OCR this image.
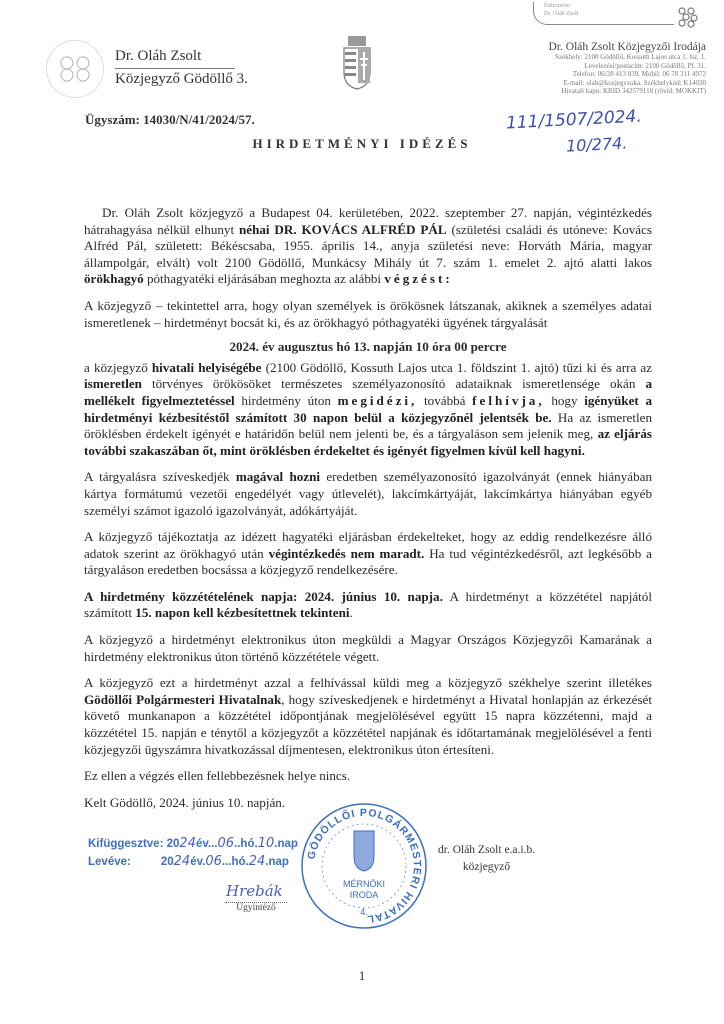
Érkeztetve:
Dr. Oláh Zsolt
Dr. Oláh Zsolt
Közjegyző Gödöllő 3.
Dr. Oláh Zsolt Közjegyzői Irodája
Székhely: 2100 Gödöllő, Kossuth Lajos utca 1. fsz. 1.
Levelezési/postacím: 2100 Gödöllő, Pf. 31.
Telefon: 06/28 413 039, Mobil: 06 70 311 4972
E-mail: olah@kozjegyzoka, Székhelykód: K14030
Hivatali kapu: KRID 342579118 (rövid: MOKKIT)
Ügyszám: 14030/N/41/2024/57.	111/1507/2024.
10/274.
HIRDETMÉNYI IDÉZÉS

Dr. Oláh Zsolt közjegyző a Budapest 04. kerületében, 2022. szeptember 27. napján, végintézkedés hátrahagyása nélkül elhunyt néhai DR. KOVÁCS ALFRÉD PÁL (születési családi és utóneve: Kovács Alfréd Pál, született: Békéscsaba, 1955. április 14., anyja születési neve: Horváth Mária, magyar állampolgár, elvált) volt 2100 Gödöllő, Munkácsy Mihály út 7. szám 1. emelet 2. ajtó alatti lakos örökhagyó póthagyatéki eljárásában meghozta az alábbi végzést:

A közjegyző – tekintettel arra, hogy olyan személyek is örökösnek látszanak, akiknek a személyes adatai ismeretlenek – hirdetményt bocsát ki, és az örökhagyó póthagyatéki ügyének tárgyalását

2024. év augusztus hó 13. napján 10 óra 00 percre

a közjegyző hivatali helyiségébe (2100 Gödöllő, Kossuth Lajos utca 1. földszint 1. ajtó) tűzi ki és arra az ismeretlen törvényes örökösöket természetes személyazonosító adataiknak ismeretlensége okán a mellékelt figyelmeztetéssel hirdetmény úton megidézi, továbbá felhívja, hogy igényüket a hirdetményi kézbesítéstől számított 30 napon belül a közjegyzőnél jelentsék be. Ha az ismeretlen öröklésben érdekelt igényét e határidőn belül nem jelenti be, és a tárgyaláson sem jelenik meg, az eljárás további szakaszában őt, mint öröklésben érdekeltet és igényét figyelmen kívül kell hagyni.

A tárgyalásra szíveskedjék magával hozni eredetben személyazonosító igazolványát (ennek hiányában kártya formátumú vezetői engedélyét vagy útlevelét), lakcímkártyáját, lakcímkártya hiányában egyéb személyi számot igazoló igazolványát, adókártyáját.

A közjegyző tájékoztatja az idézett hagyatéki eljárásban érdekelteket, hogy az eddig rendelkezésre álló adatok szerint az örökhagyó után végintézkedés nem maradt. Ha tud végintézkedésről, azt legkésőbb a tárgyaláson eredetben bocsássa a közjegyző rendelkezésére.

A hirdetmény közzétételének napja: 2024. június 10. napja. A hirdetményt a közzététel napjától számított 15. napon kell kézbesítettnek tekinteni.

A közjegyző a hirdetményt elektronikus úton megküldi a Magyar Országos Közjegyzői Kamarának a hirdetmény elektronikus úton történő közzététele végett.

A közjegyző ezt a hirdetményt azzal a felhívással küldi meg a közjegyző székhelye szerint illetékes Gödöllői Polgármesteri Hivatalnak, hogy szíveskedjenek e hirdetményt a Hivatal honlapján az érkezését követő munkanapon a közzététel időpontjának megjelölésével együtt 15 napra közzétenni, majd a közzététel 15. napján e ténytől a közjegyzőt a közzététel napjának és időtartamának megjelölésével a fenti közjegyzői ügyszámra hivatkozással díjmentesen, elektronikus úton értesíteni.

Ez ellen a végzés ellen fellebbezésnek helye nincs.

Kelt Gödöllő, 2024. június 10. napján.

Kifüggesztve: 2024év...06..hó.10.nap
Levéve:	2024év.06...hó.24.nap
Hrebák
Ügyintéző
GÖDÖLLŐI POLGÁRMESTERI HIVATAL
MÉRNÖKI
IRODA
4.
dr. Oláh Zsolt e.a.i.b.
közjegyző
1
